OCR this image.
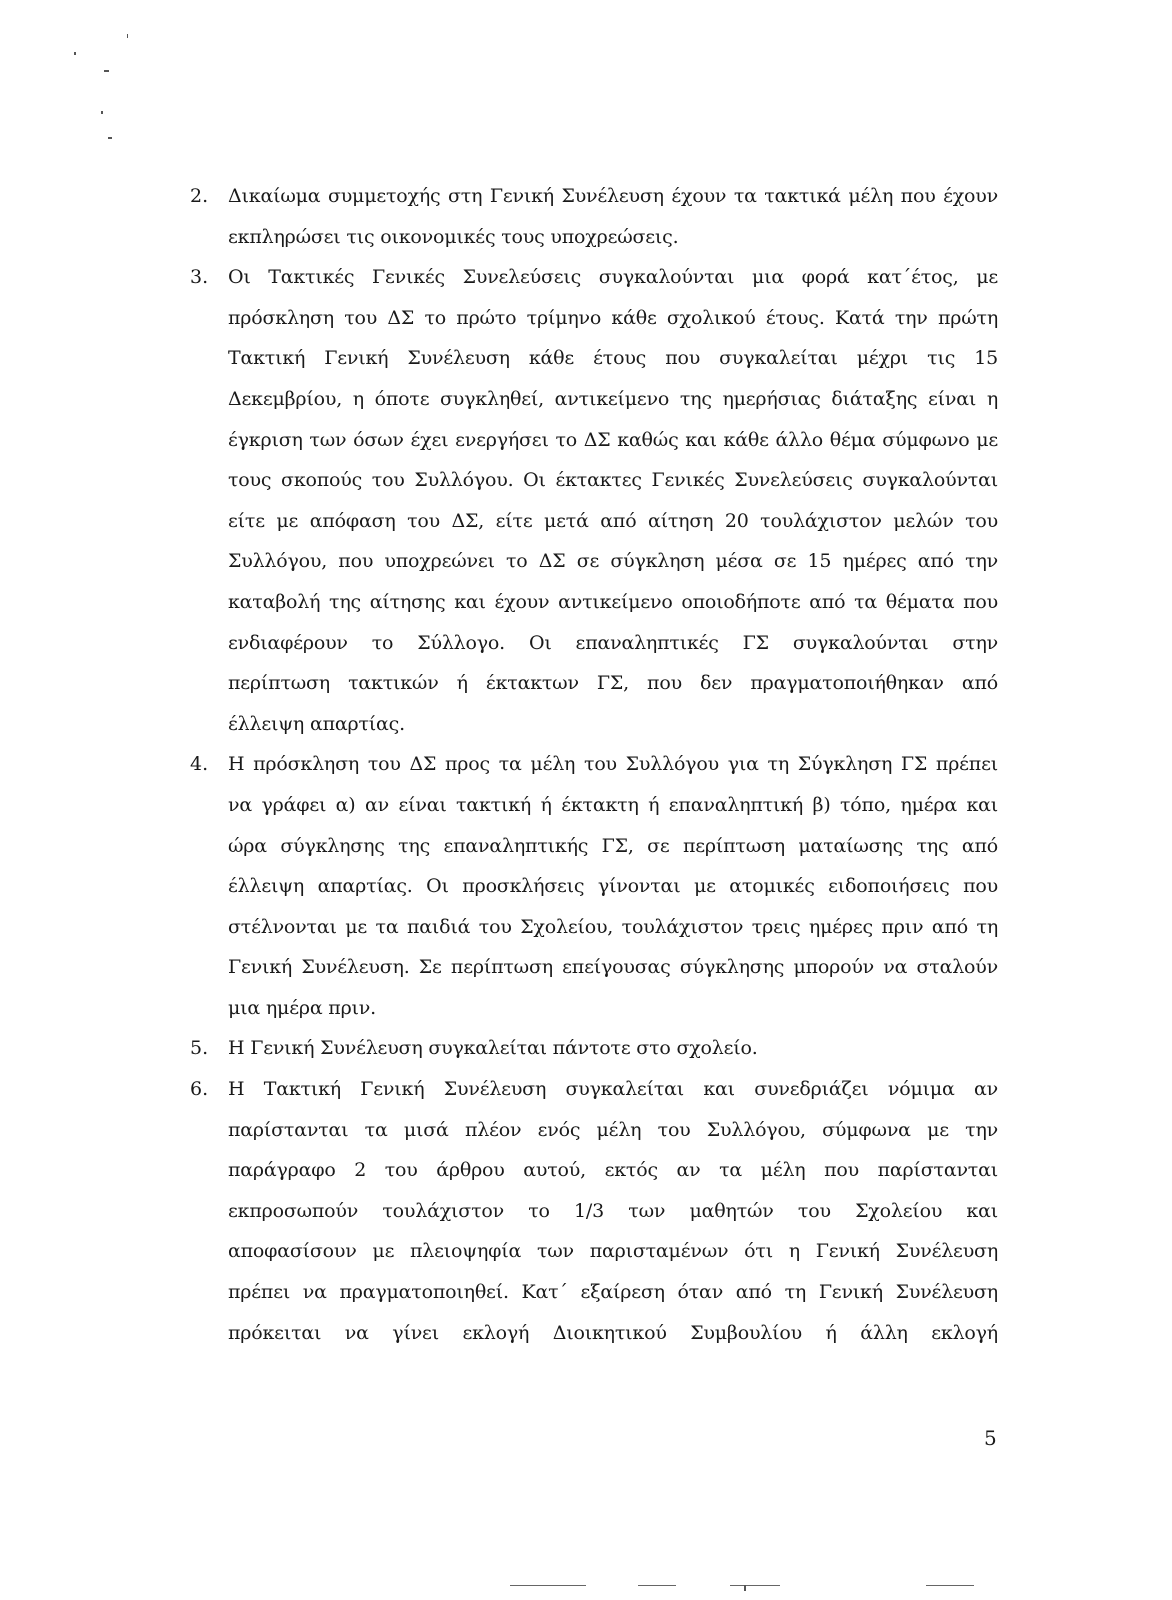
2. Δικαίωμα συμμετοχής στη Γενική Συνέλευση έχουν τα τακτικά μέλη που έχουν
εκπληρώσει τις οικονομικές τους υποχρεώσεις.
3. Οι Τακτικές Γενικές Συνελεύσεις συγκαλούνται μια φορά κατ΄έτος, με
πρόσκληση του ΔΣ το πρώτο τρίμηνο κάθε σχολικού έτους. Κατά την πρώτη
Τακτική Γενική Συνέλευση κάθε έτους που συγκαλείται μέχρι τις 15
Δεκεμβρίου, η όποτε συγκληθεί, αντικείμενο της ημερήσιας διάταξης είναι η
έγκριση των όσων έχει ενεργήσει το ΔΣ καθώς και κάθε άλλο θέμα σύμφωνο με
τους σκοπούς του Συλλόγου. Οι έκτακτες Γενικές Συνελεύσεις συγκαλούνται
είτε με απόφαση του ΔΣ, είτε μετά από αίτηση 20 τουλάχιστον μελών του
Συλλόγου, που υποχρεώνει το ΔΣ σε σύγκληση μέσα σε 15 ημέρες από την
καταβολή της αίτησης και έχουν αντικείμενο οποιοδήποτε από τα θέματα που
ενδιαφέρουν το Σύλλογο. Οι επαναληπτικές ΓΣ συγκαλούνται στην
περίπτωση τακτικών ή έκτακτων ΓΣ, που δεν πραγματοποιήθηκαν από
έλλειψη απαρτίας.
4. Η πρόσκληση του ΔΣ προς τα μέλη του Συλλόγου για τη Σύγκληση ΓΣ πρέπει
να γράφει α) αν είναι τακτική ή έκτακτη ή επαναληπτική β) τόπο, ημέρα και
ώρα σύγκλησης της επαναληπτικής ΓΣ, σε περίπτωση ματαίωσης της από
έλλειψη απαρτίας. Οι προσκλήσεις γίνονται με ατομικές ειδοποιήσεις που
στέλνονται με τα παιδιά του Σχολείου, τουλάχιστον τρεις ημέρες πριν από τη
Γενική Συνέλευση. Σε περίπτωση επείγουσας σύγκλησης μπορούν να σταλούν
μια ημέρα πριν.
5. Η Γενική Συνέλευση συγκαλείται πάντοτε στο σχολείο.
6. Η Τακτική Γενική Συνέλευση συγκαλείται και συνεδριάζει νόμιμα αν
παρίστανται τα μισά πλέον ενός μέλη του Συλλόγου, σύμφωνα με την
παράγραφο 2 του άρθρου αυτού, εκτός αν τα μέλη που παρίστανται
εκπροσωπούν τουλάχιστον το 1/3 των μαθητών του Σχολείου και
αποφασίσουν με πλειοψηφία των παρισταμένων ότι η Γενική Συνέλευση
πρέπει να πραγματοποιηθεί. Κατ΄ εξαίρεση όταν από τη Γενική Συνέλευση
πρόκειται να γίνει εκλογή Διοικητικού Συμβουλίου ή άλλη εκλογή
5
